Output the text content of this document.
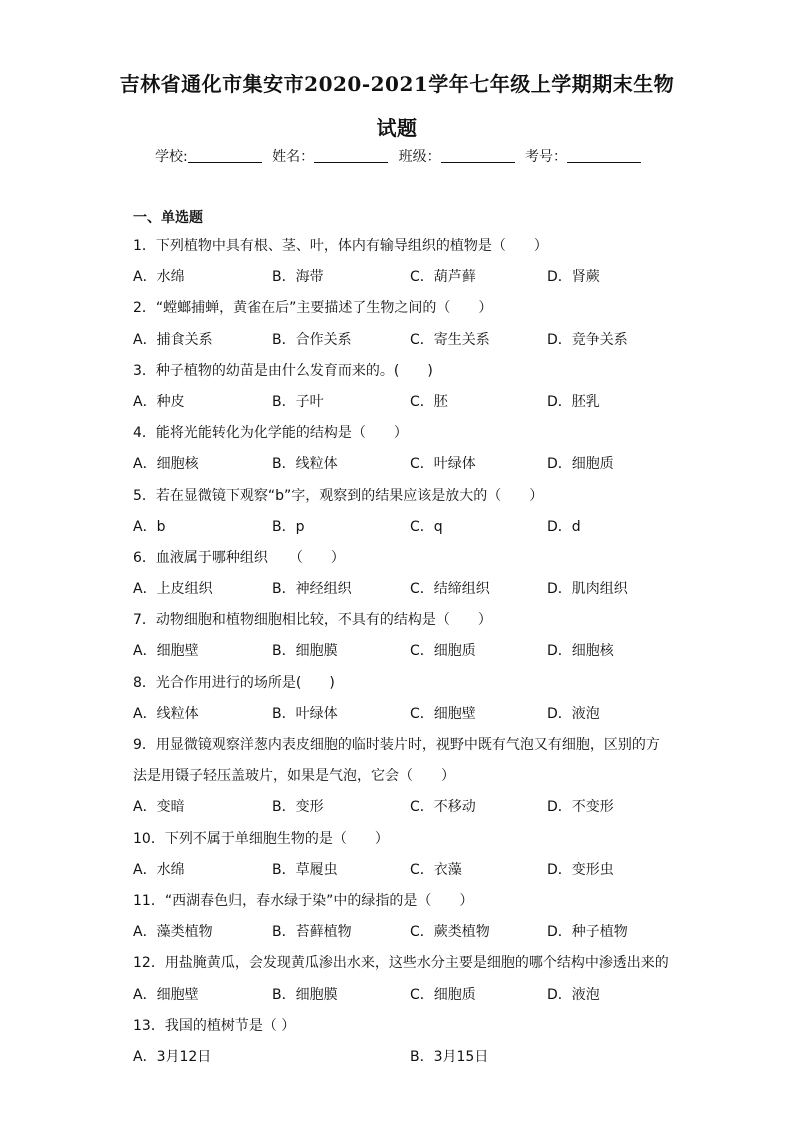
吉林省通化市集安市2020-2021学年七年级上学期期末生物
试题
学校:	姓名：	班级：	考号：
一、单选题
1．下列植物中具有根、茎、叶，体内有输导组织的植物是（　　）
A．水绵	B．海带	C．葫芦藓	D．肾蕨
2．“螳螂捕蝉，黄雀在后”主要描述了生物之间的（　　）
A．捕食关系	B．合作关系	C．寄生关系	D．竞争关系
3．种子植物的幼苗是由什么发育而来的。(　　)
A．种皮	B．子叶	C．胚	D．胚乳
4．能将光能转化为化学能的结构是（　　）
A．细胞核	B．线粒体	C．叶绿体	D．细胞质
5．若在显微镜下观察“b”字，观察到的结果应该是放大的（　　）
A．b	B．p	C．q	D．d
6．血液属于哪种组织　　（　　）
A．上皮组织	B．神经组织	C．结缔组织	D．肌肉组织
7．动物细胞和植物细胞相比较，不具有的结构是（　　）
A．细胞壁	B．细胞膜	C．细胞质	D．细胞核
8．光合作用进行的场所是(　　)
A．线粒体	B．叶绿体	C．细胞壁	D．液泡
9．用显微镜观察洋葱内表皮细胞的临时装片时，视野中既有气泡又有细胞，区别的方
法是用镊子轻压盖玻片，如果是气泡，它会（　　）
A．变暗	B．变形	C．不移动	D．不变形
10．下列不属于单细胞生物的是（　　）
A．水绵	B．草履虫	C．衣藻	D．变形虫
11．“西湖春色归，春水绿于染”中的绿指的是（　　）
A．藻类植物	B．苔藓植物	C．蕨类植物	D．种子植物
12．用盐腌黄瓜，会发现黄瓜渗出水来，这些水分主要是细胞的哪个结构中渗透出来的
A．细胞壁	B．细胞膜	C．细胞质	D．液泡
13．我国的植树节是（ ）
A．3月12日	B．3月15日
